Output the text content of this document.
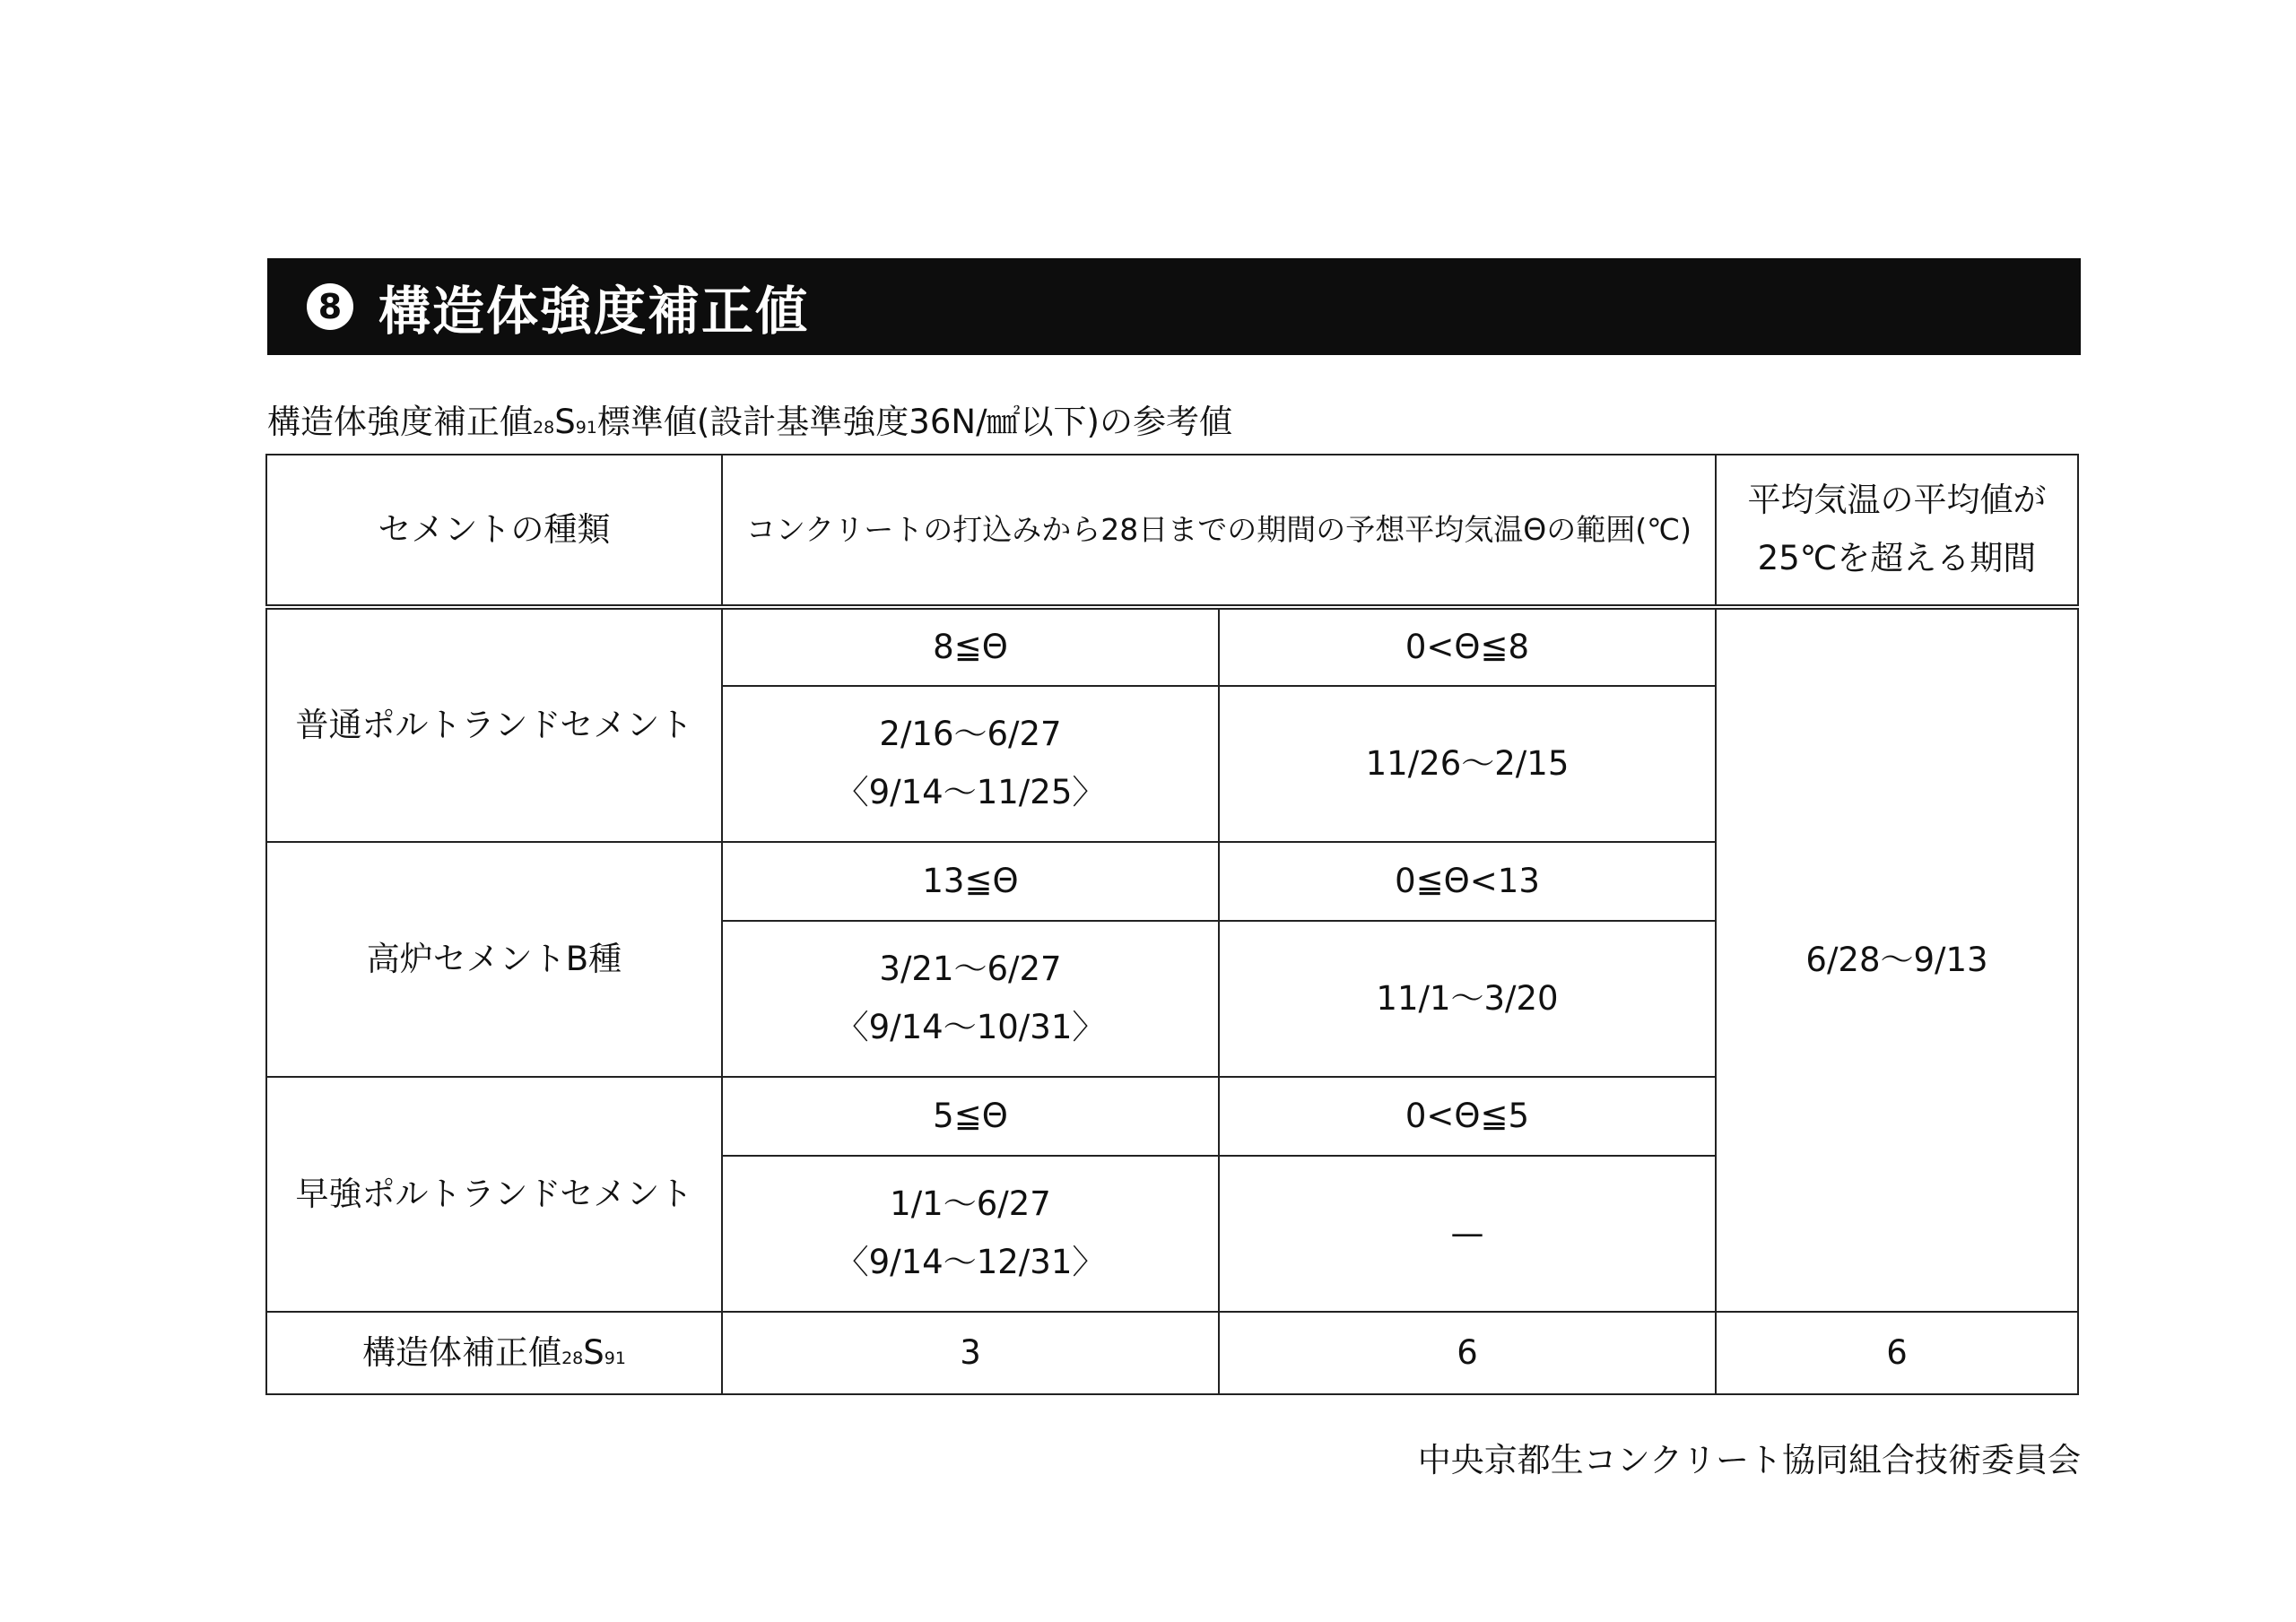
8 構造体強度補正値
構造体強度補正値28S91標準値(設計基準強度36N/㎟以下)の参考値
セメントの種類	コンクリートの打込みから28日までの期間の予想平均気温Θの範囲(℃)		平均気温の平均値が
25℃を超える期間

普通ポルトランドセメント	8≦Θ	0<Θ≦8	6/28〜9/13

	2/16〜6/27
〈9/14〜11/25〉	11/26〜2/15	
高炉セメントB種	13≦Θ	0≦Θ<13	

	3/21〜6/27
〈9/14〜10/31〉	11/1〜3/20	
早強ポルトランドセメント	5≦Θ	0<Θ≦5	

	1/1〜6/27
〈9/14〜12/31〉	—	
構造体補正値28S91	3	6	6
中央京都生コンクリート協同組合技術委員会
